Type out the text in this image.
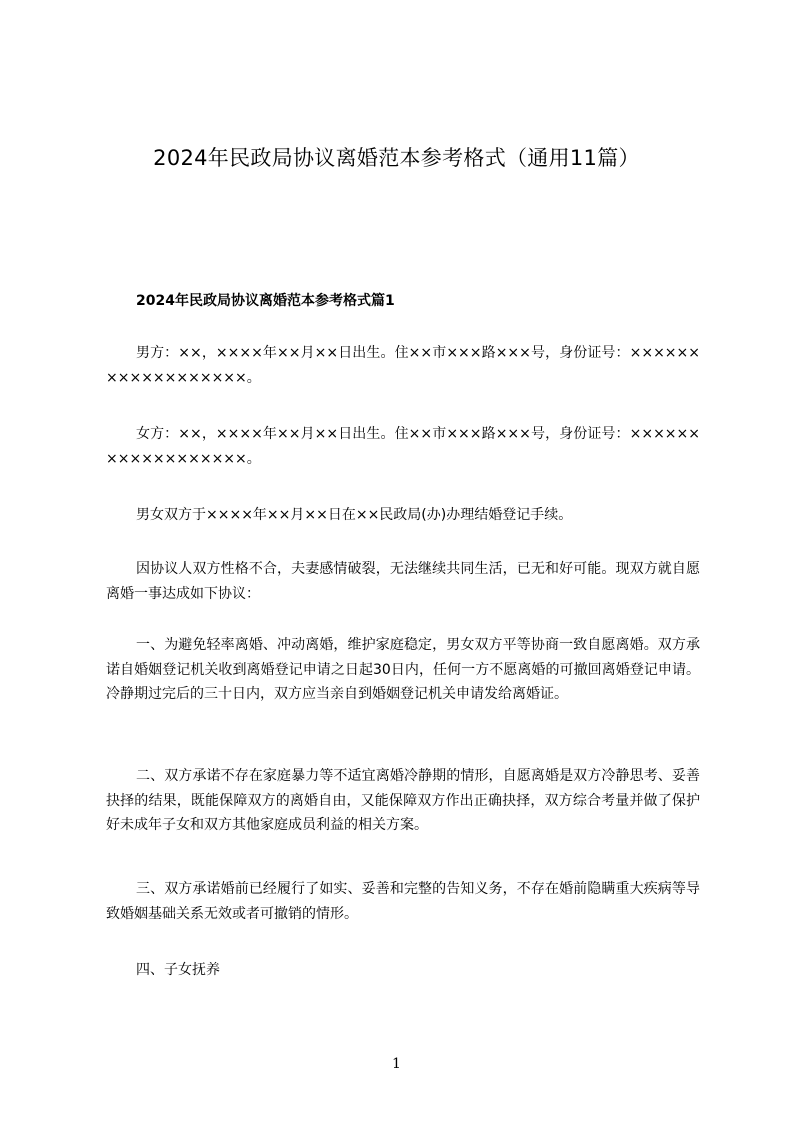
2024年民政局协议离婚范本参考格式（通用11篇）
2024年民政局协议离婚范本参考格式篇1

男方：××，××××年××月××日出生。住××市×××路×××号，身份证号：××××××××××××××××××。

女方：××，××××年××月××日出生。住××市×××路×××号，身份证号：××××××××××××××××××。

男女双方于××××年××月××日在××民政局(办)办理结婚登记手续。

因协议人双方性格不合，夫妻感情破裂，无法继续共同生活，已无和好可能。现双方就自愿离婚一事达成如下协议：

一、为避免轻率离婚、冲动离婚，维护家庭稳定，男女双方平等协商一致自愿离婚。双方承诺自婚姻登记机关收到离婚登记申请之日起30日内，任何一方不愿离婚的可撤回离婚登记申请。冷静期过完后的三十日内，双方应当亲自到婚姻登记机关申请发给离婚证。

二、双方承诺不存在家庭暴力等不适宜离婚冷静期的情形，自愿离婚是双方冷静思考、妥善抉择的结果，既能保障双方的离婚自由，又能保障双方作出正确抉择，双方综合考量并做了保护好未成年子女和双方其他家庭成员利益的相关方案。

三、双方承诺婚前已经履行了如实、妥善和完整的告知义务，不存在婚前隐瞒重大疾病等导致婚姻基础关系无效或者可撤销的情形。

四、子女抚养

1
